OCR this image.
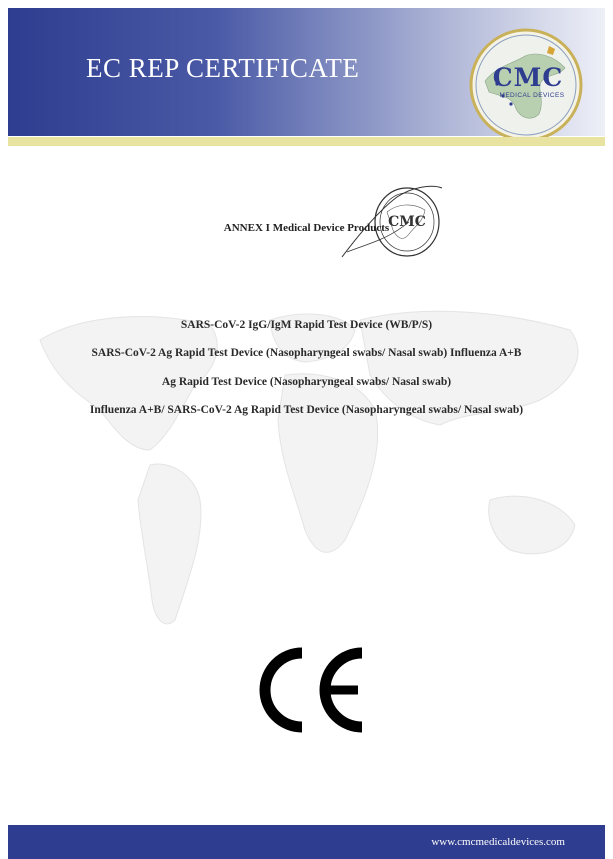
EC REP CERTIFICATE	CMC
MEDICAL DEVICES
CMC
ANNEX I Medical Device Products
SARS-CoV-2 IgG/IgM Rapid Test Device (WB/P/S)
SARS-CoV-2 Ag Rapid Test Device (Nasopharyngeal swabs/ Nasal swab) Influenza A+B
Ag Rapid Test Device (Nasopharyngeal swabs/ Nasal swab)
Influenza A+B/ SARS-CoV-2 Ag Rapid Test Device (Nasopharyngeal swabs/ Nasal swab)
www.cmcmedicaldevices.com
